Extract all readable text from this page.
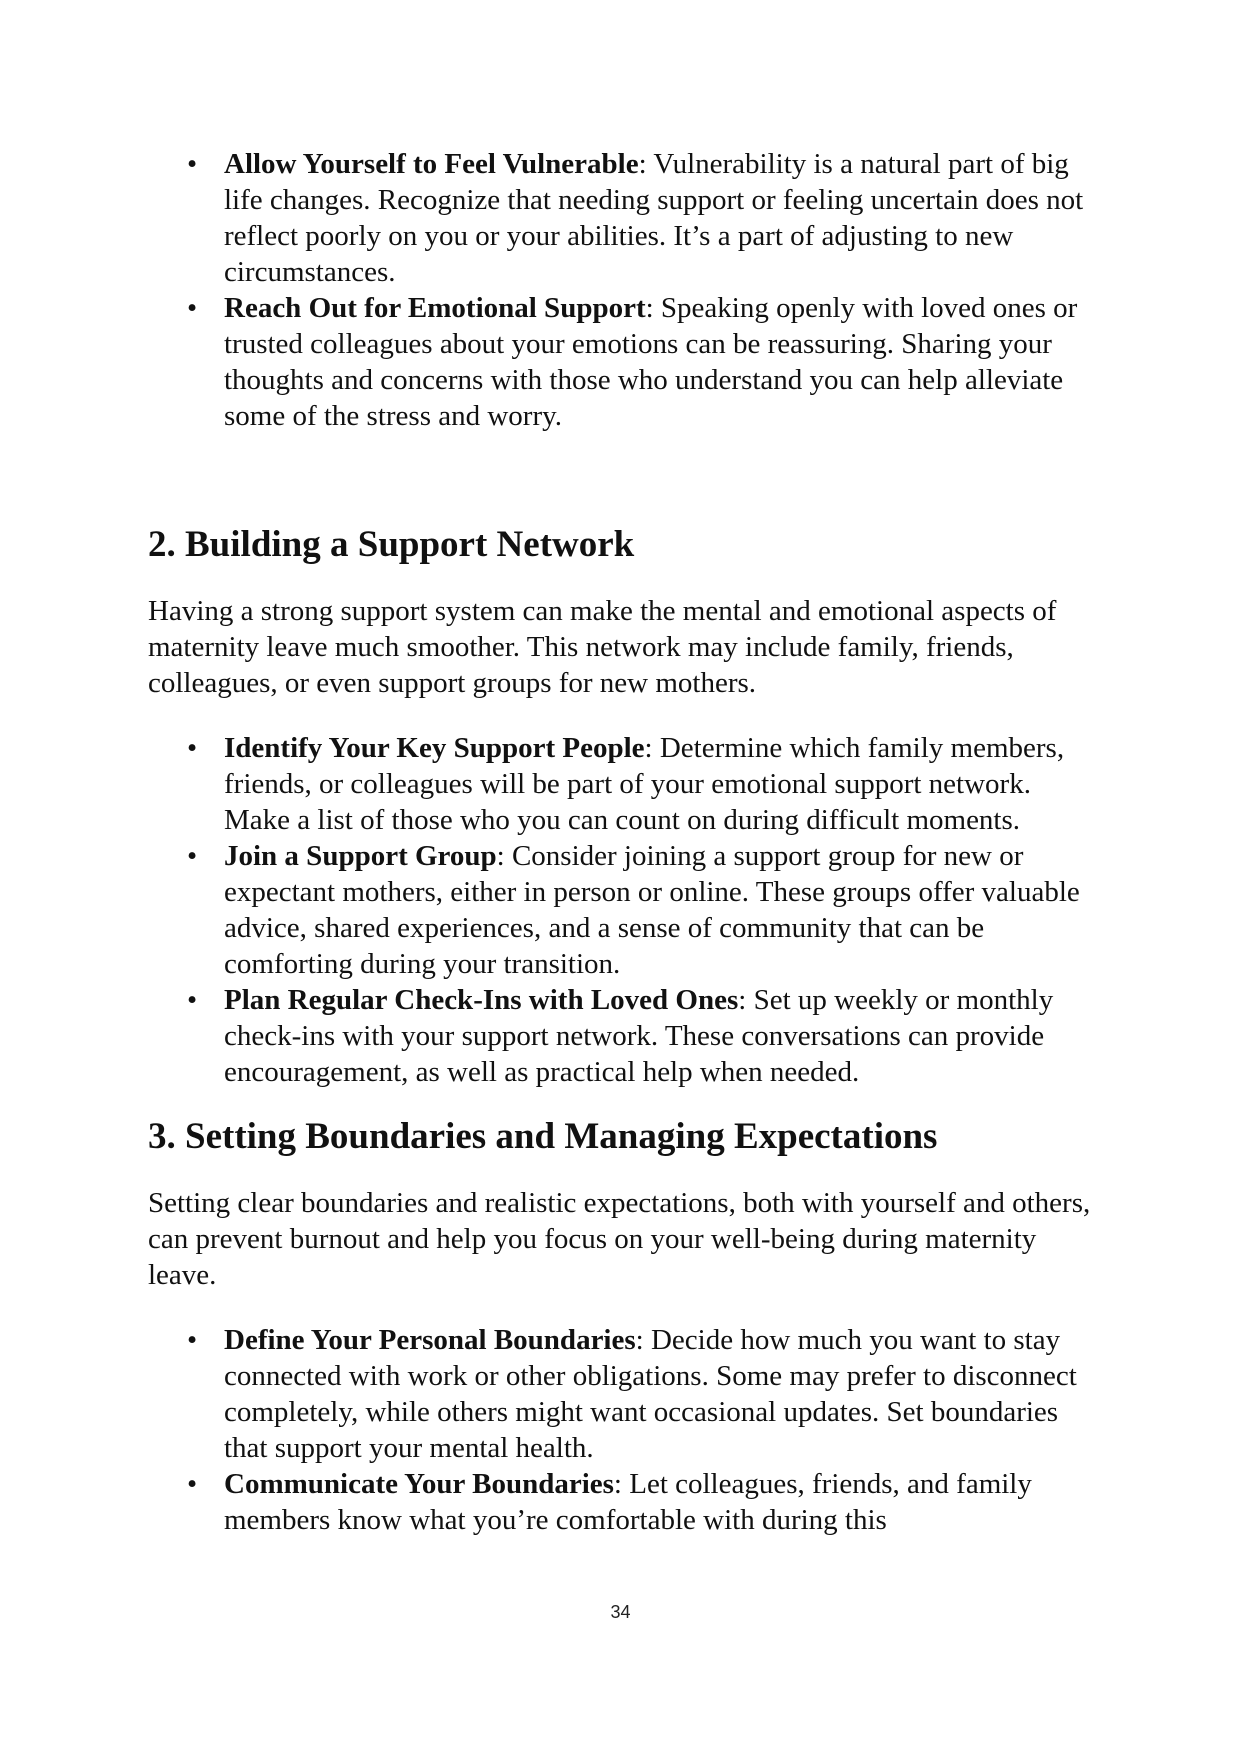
• Allow Yourself to Feel Vulnerable: Vulnerability is a natural part of big life changes. Recognize that needing support or feeling uncertain does not reflect poorly on you or your abilities. It’s a part of adjusting to new circumstances.
• Reach Out for Emotional Support: Speaking openly with loved ones or trusted colleagues about your emotions can be reassuring. Sharing your thoughts and concerns with those who understand you can help alleviate some of the stress and worry.
2. Building a Support Network

Having a strong support system can make the mental and emotional aspects of maternity leave much smoother. This network may include family, friends, colleagues, or even support groups for new mothers.

• Identify Your Key Support People: Determine which family members, friends, or colleagues will be part of your emotional support network. Make a list of those who you can count on during difficult moments.
• Join a Support Group: Consider joining a support group for new or expectant mothers, either in person or online. These groups offer valuable advice, shared experiences, and a sense of community that can be comforting during your transition.
• Plan Regular Check-Ins with Loved Ones: Set up weekly or monthly check-ins with your support network. These conversations can provide encouragement, as well as practical help when needed.
3. Setting Boundaries and Managing Expectations

Setting clear boundaries and realistic expectations, both with yourself and others, can prevent burnout and help you focus on your well-being during maternity leave.

• Define Your Personal Boundaries: Decide how much you want to stay connected with work or other obligations. Some may prefer to disconnect completely, while others might want occasional updates. Set boundaries that support your mental health.
• Communicate Your Boundaries: Let colleagues, friends, and family members know what you’re comfortable with during this
34
